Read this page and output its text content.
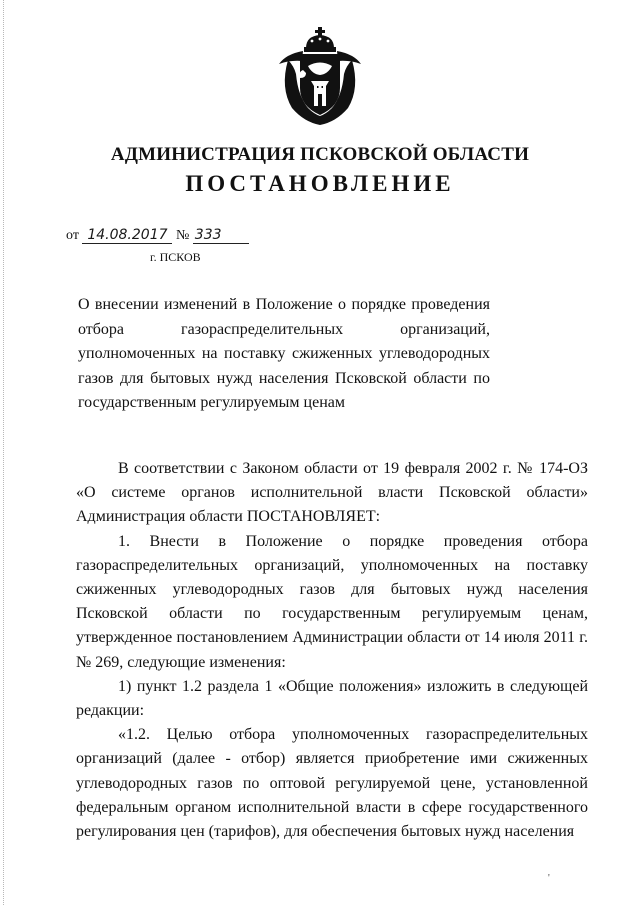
АДМИНИСТРАЦИЯ ПСКОВСКОЙ ОБЛАСТИ
ПОСТАНОВЛЕНИЕ
от 14.08.2017 № 333
г. ПСКОВ
О внесении изменений в Положение о порядке проведения отбора газораспределительных организаций, уполномоченных на поставку сжиженных углеводородных газов для бытовых нужд населения Псковской области по государственным регулируемым ценам

В соответствии с Законом области от 19 февраля 2002 г. № 174-ОЗ «О системе органов исполнительной власти Псковской области» Администрация области ПОСТАНОВЛЯЕТ:

1. Внести в Положение о порядке проведения отбора газораспределительных организаций, уполномоченных на поставку сжиженных углеводородных газов для бытовых нужд населения Псковской области по государственным регулируемым ценам, утвержденное постановлением Администрации области от 14 июля 2011 г. № 269, следующие изменения:

1) пункт 1.2 раздела 1 «Общие положения» изложить в следующей редакции:

«1.2. Целью отбора уполномоченных газораспределительных организаций (далее - отбор) является приобретение ими сжиженных углеводородных газов по оптовой регулируемой цене, установленной федеральным органом исполнительной власти в сфере государственного регулирования цен (тарифов), для обеспечения бытовых нужд населения

'
